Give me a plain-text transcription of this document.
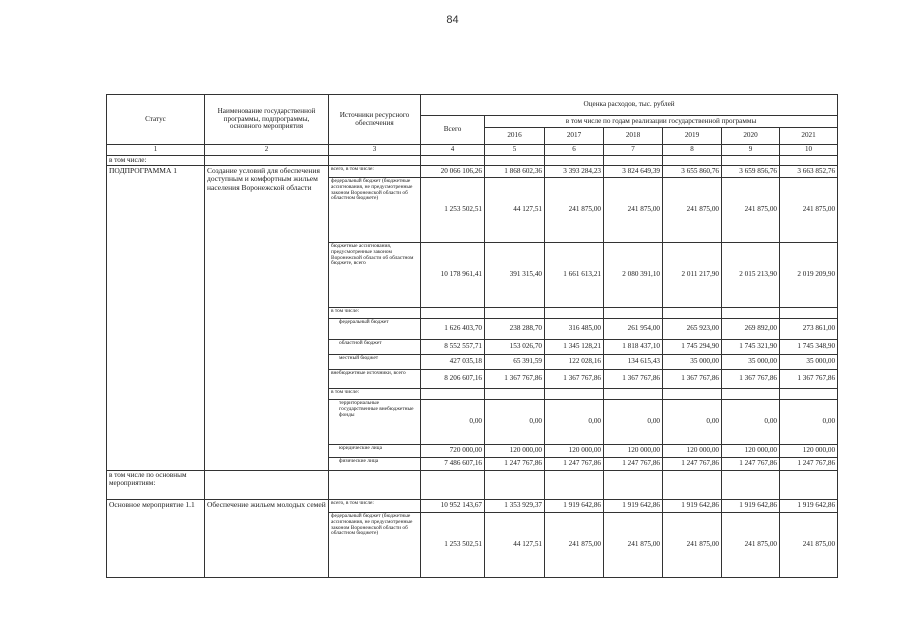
84
Статус	Наименование государственной программы, подпрограммы, основного мероприятия	Источники ресурсного обеспечения	Оценка расходов, тыс. рублей						
			Всего	в том числе по годам реализации государственной программы					
				2016	2017	2018	2019	2020	2021
1	2	3	4	5	6	7	8	9	10
в том числе:									
ПОДПРОГРАММА 1	Создание условий для обеспечения доступным и комфортным жильем населения Воронежской области	всего, в том числе:	20 066 106,26	1 868 602,36	3 393 284,23	3 824 649,39	3 655 860,76	3 659 856,76	3 663 852,76
		федеральный бюджет (бюджетные ассигнования, не предусмотренные законом Воронежской области об областном бюджете)	1 253 502,51	44 127,51	241 875,00	241 875,00	241 875,00	241 875,00	241 875,00
		бюджетные ассигнования, предусмотренные законом Воронежской области об областном бюджете, всего	10 178 961,41	391 315,40	1 661 613,21	2 080 391,10	2 011 217,90	2 015 213,90	2 019 209,90
		в том числе:							
		федеральный бюджет	1 626 403,70	238 288,70	316 485,00	261 954,00	265 923,00	269 892,00	273 861,00
		областной бюджет	8 552 557,71	153 026,70	1 345 128,21	1 818 437,10	1 745 294,90	1 745 321,90	1 745 348,90
		местный бюджет	427 035,18	65 391,59	122 028,16	134 615,43	35 000,00	35 000,00	35 000,00
		внебюджетные источники, всего	8 206 607,16	1 367 767,86	1 367 767,86	1 367 767,86	1 367 767,86	1 367 767,86	1 367 767,86
		в том числе:							
		территориальные государственные внебюджетные фонды	0,00	0,00	0,00	0,00	0,00	0,00	0,00
		юридические лица	720 000,00	120 000,00	120 000,00	120 000,00	120 000,00	120 000,00	120 000,00
		физические лица	7 486 607,16	1 247 767,86	1 247 767,86	1 247 767,86	1 247 767,86	1 247 767,86	1 247 767,86
в том числе по основным мероприятиям:									
Основное мероприятие 1.1	Обеспечение жильем молодых семей	всего, в том числе:	10 952 143,67	1 353 929,37	1 919 642,86	1 919 642,86	1 919 642,86	1 919 642,86	1 919 642,86
		федеральный бюджет (бюджетные ассигнования, не предусмотренные законом Воронежской области об областном бюджете)	1 253 502,51	44 127,51	241 875,00	241 875,00	241 875,00	241 875,00	241 875,00
